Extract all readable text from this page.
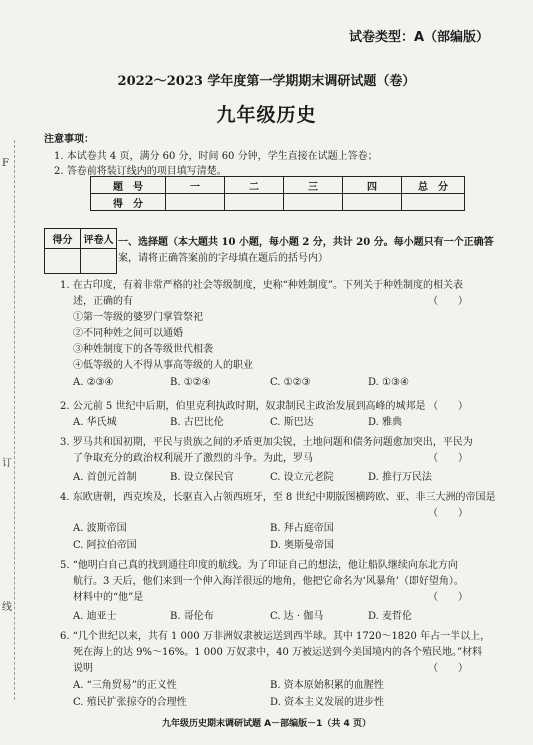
F
订
线
试卷类型：A（部编版）
2022～2023 学年度第一学期期末调研试题（卷）
九年级历史
注意事项：
1. 本试卷共 4 页，满分 60 分，时间 60 分钟，学生直接在试题上答卷；
2. 答卷前将装订线内的项目填写清楚。
题　号	一	二	三	四	总　分
得　分					
得分	评卷人
	一、选择题（本大题共 10 小题，每小题 2 分，共计 20 分。每小题只有一个正确答
案，请将正确答案前的字母填在题后的括号内）
1. 在古印度，有着非常严格的社会等级制度，史称“种姓制度”。下列关于种姓制度的相关表
述，正确的有	（　　）
①第一等级的婆罗门掌管祭祀
②不同种姓之间可以通婚
③种姓制度下的各等级世代相袭
④低等级的人不得从事高等级的人的职业
A. ②③④	B. ①②④	C. ①②③	D. ①③④
2. 公元前 5 世纪中后期，伯里克利执政时期，奴隶制民主政治发展到高峰的城邦是 （　　）
A. 华氏城	B. 古巴比伦	C. 斯巴达	D. 雅典
3. 罗马共和国初期，平民与贵族之间的矛盾更加尖锐，土地问题和债务问题愈加突出，平民为
了争取充分的政治权利展开了激烈的斗争。为此，罗马	（　　）
A. 首创元首制	B. 设立保民官	C. 设立元老院	D. 推行万民法
4. 东欧唐朝，西克埃及，长驱直入占领西班牙，至 8 世纪中期版图横跨欧、亚、非三大洲的帝国是
（　　）
A. 波斯帝国	B. 拜占庭帝国
C. 阿拉伯帝国	D. 奥斯曼帝国
5. “他明白自己真的找到通往印度的航线。为了印证自己的想法，他让船队继续向东北方向
航行。3 天后，他们来到一个伸入海洋很远的地角，他把它命名为‘风暴角’（即好望角）。
材料中的“他”是	（　　）
A. 迪亚士	B. 哥伦布	C. 达 · 伽马	D. 麦哲伦
6. “几个世纪以来，共有 1 000 万非洲奴隶被运送到西半球。其中 1720～1820 年占一半以上，
死在海上的达 9%～16%。1 000 万奴隶中，40 万被运送到今美国境内的各个殖民地。”材料
说明	（　　）
A. “三角贸易”的正义性	B. 资本原始积累的血腥性
C. 殖民扩张掠夺的合理性	D. 资本主义发展的进步性
九年级历史期末调研试题 A－部编版－1（共 4 页）
